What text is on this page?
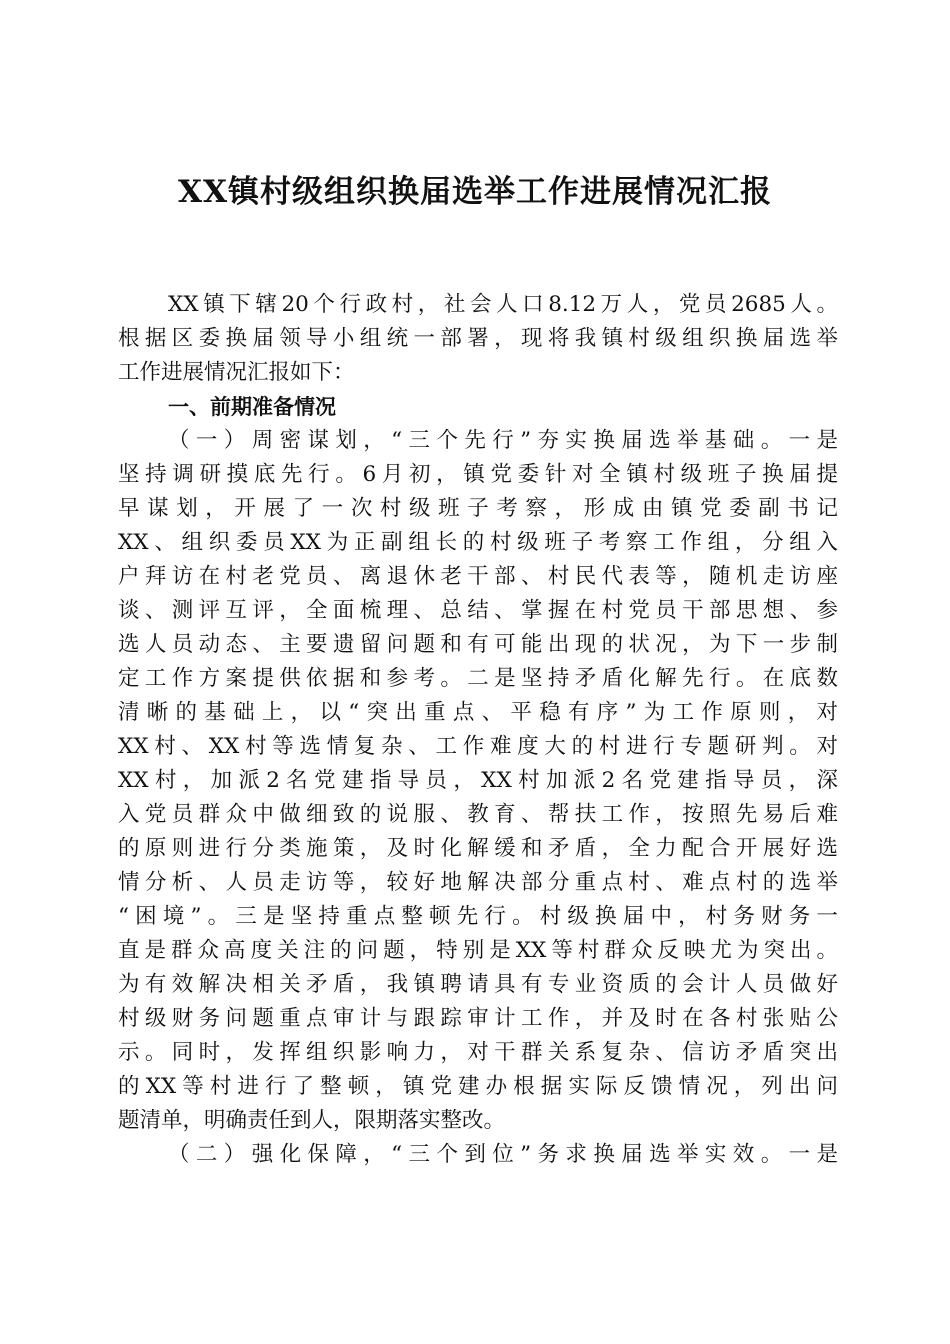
XX镇村级组织换届选举工作进展情况汇报
XX镇下辖20个行政村，社会人口8.12万人，党员2685人。
根据区委换届领导小组统一部署，现将我镇村级组织换届选举
工作进展情况汇报如下：
一、前期准备情况
（一）周密谋划，“三个先行”夯实换届选举基础。一是
坚持调研摸底先行。6月初，镇党委针对全镇村级班子换届提
早谋划，开展了一次村级班子考察，形成由镇党委副书记
XX、组织委员XX为正副组长的村级班子考察工作组，分组入
户拜访在村老党员、离退休老干部、村民代表等，随机走访座
谈、测评互评，全面梳理、总结、掌握在村党员干部思想、参
选人员动态、主要遗留问题和有可能出现的状况，为下一步制
定工作方案提供依据和参考。二是坚持矛盾化解先行。在底数
清晰的基础上，以“突出重点、平稳有序”为工作原则，对
XX村、XX村等选情复杂、工作难度大的村进行专题研判。对
XX村，加派2名党建指导员，XX村加派2名党建指导员，深
入党员群众中做细致的说服、教育、帮扶工作，按照先易后难
的原则进行分类施策，及时化解缓和矛盾，全力配合开展好选
情分析、人员走访等，较好地解决部分重点村、难点村的选举
“困境”。三是坚持重点整顿先行。村级换届中，村务财务一
直是群众高度关注的问题，特别是XX等村群众反映尤为突出。
为有效解决相关矛盾，我镇聘请具有专业资质的会计人员做好
村级财务问题重点审计与跟踪审计工作，并及时在各村张贴公
示。同时，发挥组织影响力，对干群关系复杂、信访矛盾突出
的XX等村进行了整顿，镇党建办根据实际反馈情况，列出问
题清单，明确责任到人，限期落实整改。
（二）强化保障，“三个到位”务求换届选举实效。一是
